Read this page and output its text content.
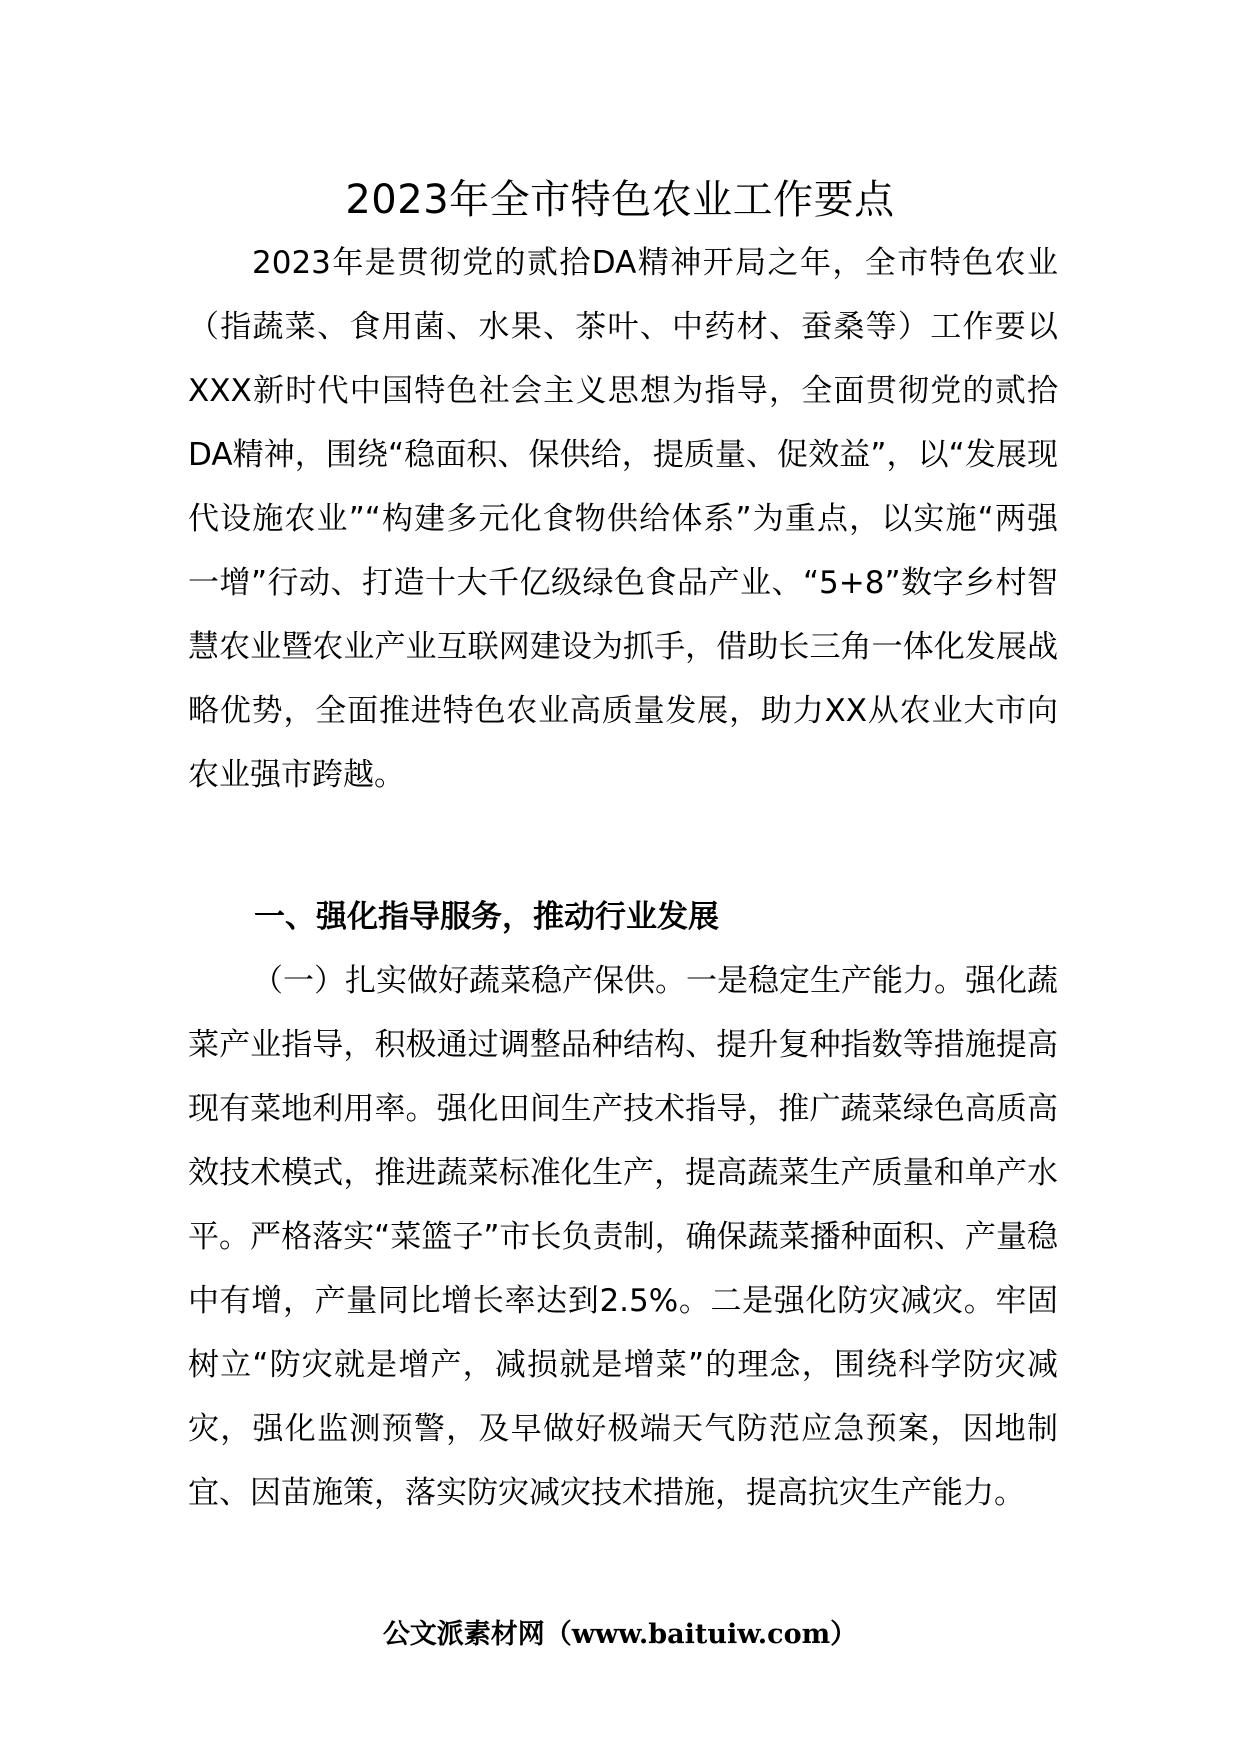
2023年全市特色农业工作要点

2023年是贯彻党的贰拾DA精神开局之年，全市特色农业（指蔬菜、食用菌、水果、茶叶、中药材、蚕桑等）工作要以XXX新时代中国特色社会主义思想为指导，全面贯彻党的贰拾DA精神，围绕“稳面积、保供给，提质量、促效益”，以“发展现代设施农业”“构建多元化食物供给体系”为重点，以实施“两强一增”行动、打造十大千亿级绿色食品产业、“5+8”数字乡村智慧农业暨农业产业互联网建设为抓手，借助长三角一体化发展战略优势，全面推进特色农业高质量发展，助力XX从农业大市向农业强市跨越。

一、强化指导服务，推动行业发展

（一）扎实做好蔬菜稳产保供。一是稳定生产能力。强化蔬菜产业指导，积极通过调整品种结构、提升复种指数等措施提高现有菜地利用率。强化田间生产技术指导，推广蔬菜绿色高质高效技术模式，推进蔬菜标准化生产，提高蔬菜生产质量和单产水平。严格落实“菜篮子”市长负责制，确保蔬菜播种面积、产量稳中有增，产量同比增长率达到2.5%。二是强化防灾减灾。牢固树立“防灾就是增产，减损就是增菜”的理念，围绕科学防灾减灾，强化监测预警，及早做好极端天气防范应急预案，因地制宜、因苗施策，落实防灾减灾技术措施，提高抗灾生产能力。

公文派素材网（www.baituiw.com）
